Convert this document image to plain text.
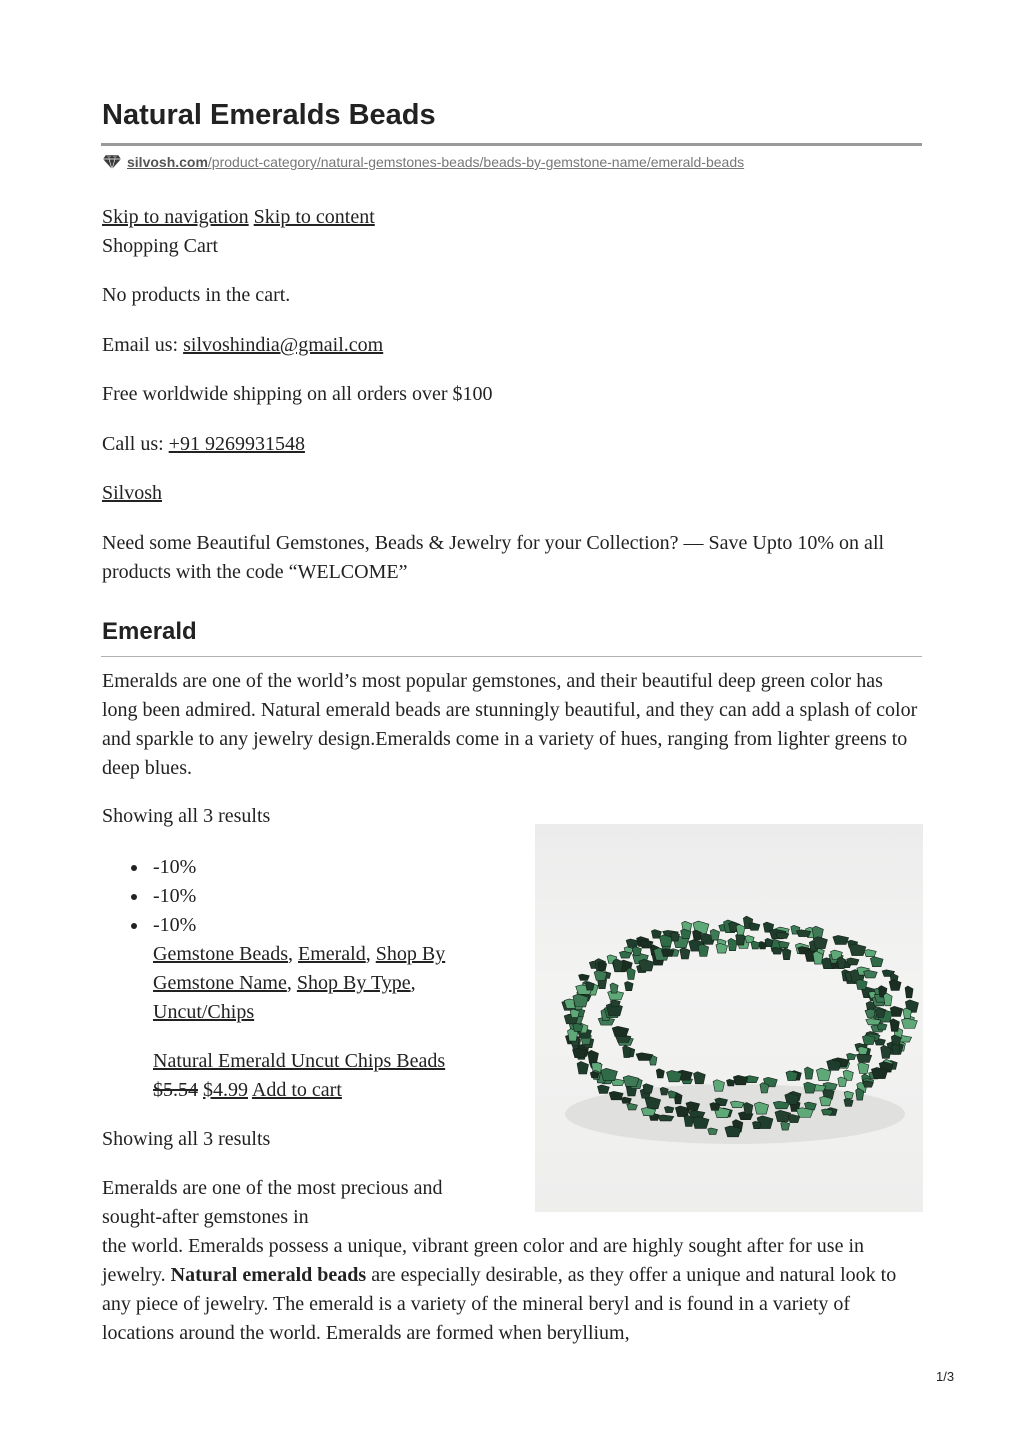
Natural Emeralds Beads
silvosh.com /product-category/natural-gemstones-beads/beads-by-gemstone-name/emerald-beads
Skip to navigation Skip to content
Shopping Cart
No products in the cart.
Email us: silvoshindia@gmail.com
Free worldwide shipping on all orders over $100
Call us: +91 9269931548
Silvosh
Need some Beautiful Gemstones, Beads & Jewelry for your Collection? — Save Upto 10% on all products with the code “WELCOME”
Emerald
Emeralds are one of the world’s most popular gemstones, and their beautiful deep green color has long been admired. Natural emerald beads are stunningly beautiful, and they can add a splash of color and sparkle to any jewelry design.Emeralds come in a variety of hues, ranging from lighter greens to deep blues.
Showing all 3 results
-10%
-10%
-10%
Gemstone Beads, Emerald, Shop By Gemstone Name, Shop By Type, Uncut/Chips
Natural Emerald Uncut Chips Beads
$5.54 $4.99 Add to cart
Showing all 3 results
Emeralds are one of the most precious and sought-after gemstones in
the world. Emeralds possess a unique, vibrant green color and are highly sought after for use in jewelry. Natural emerald beads are especially desirable, as they offer a unique and natural look to any piece of jewelry. The emerald is a variety of the mineral beryl and is found in a variety of locations around the world. Emeralds are formed when beryllium,
1/3
